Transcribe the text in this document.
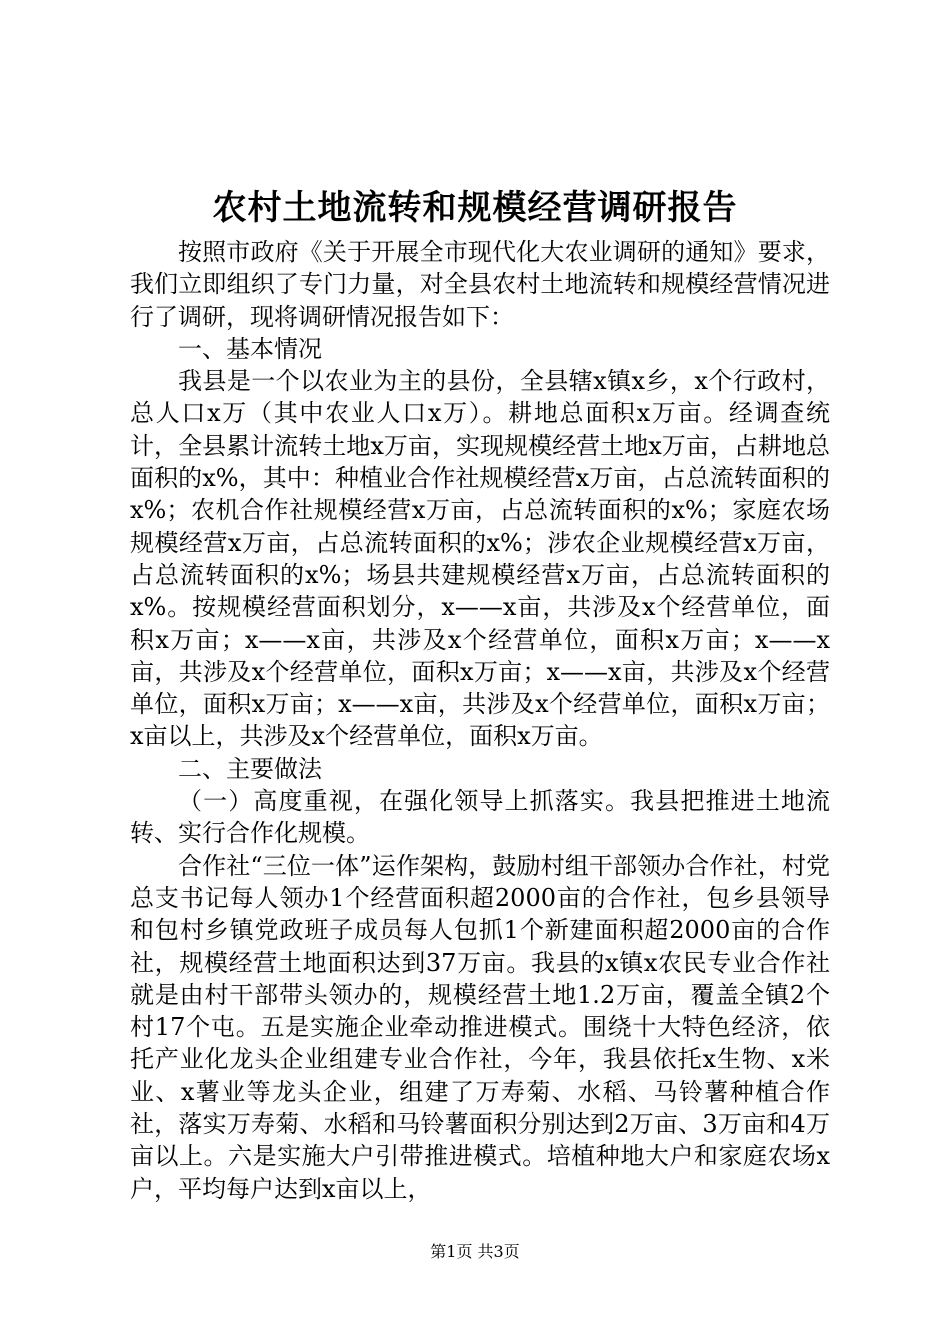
农村土地流转和规模经营调研报告

按照市政府《关于开展全市现代化大农业调研的通知》要求，我们立即组织了专门力量，对全县农村土地流转和规模经营情况进行了调研，现将调研情况报告如下：

一、基本情况

我县是一个以农业为主的县份，全县辖x镇x乡，x个行政村，总人口x万（其中农业人口x万）。耕地总面积x万亩。经调查统计，全县累计流转土地x万亩，实现规模经营土地x万亩，占耕地总面积的x%，其中：种植业合作社规模经营x万亩，占总流转面积的x%；农机合作社规模经营x万亩，占总流转面积的x%；家庭农场规模经营x万亩，占总流转面积的x%；涉农企业规模经营x万亩，占总流转面积的x%；场县共建规模经营x万亩，占总流转面积的x%。按规模经营面积划分，x——x亩，共涉及x个经营单位，面积x万亩；x——x亩，共涉及x个经营单位，面积x万亩；x——x亩，共涉及x个经营单位，面积x万亩；x——x亩，共涉及x个经营单位，面积x万亩；x——x亩，共涉及x个经营单位，面积x万亩；x亩以上，共涉及x个经营单位，面积x万亩。

二、主要做法

（一）高度重视，在强化领导上抓落实。我县把推进土地流转、实行合作化规模。

合作社“三位一体”运作架构，鼓励村组干部领办合作社，村党总支书记每人领办1个经营面积超2000亩的合作社，包乡县领导和包村乡镇党政班子成员每人包抓1个新建面积超2000亩的合作社，规模经营土地面积达到37万亩。我县的x镇x农民专业合作社就是由村干部带头领办的，规模经营土地1.2万亩，覆盖全镇2个村17个屯。五是实施企业牵动推进模式。围绕十大特色经济，依托产业化龙头企业组建专业合作社，今年，我县依托x生物、x米业、x薯业等龙头企业，组建了万寿菊、水稻、马铃薯种植合作社，落实万寿菊、水稻和马铃薯面积分别达到2万亩、3万亩和4万亩以上。六是实施大户引带推进模式。培植种地大户和家庭农场x户，平均每户达到x亩以上，

第1页 共3页
